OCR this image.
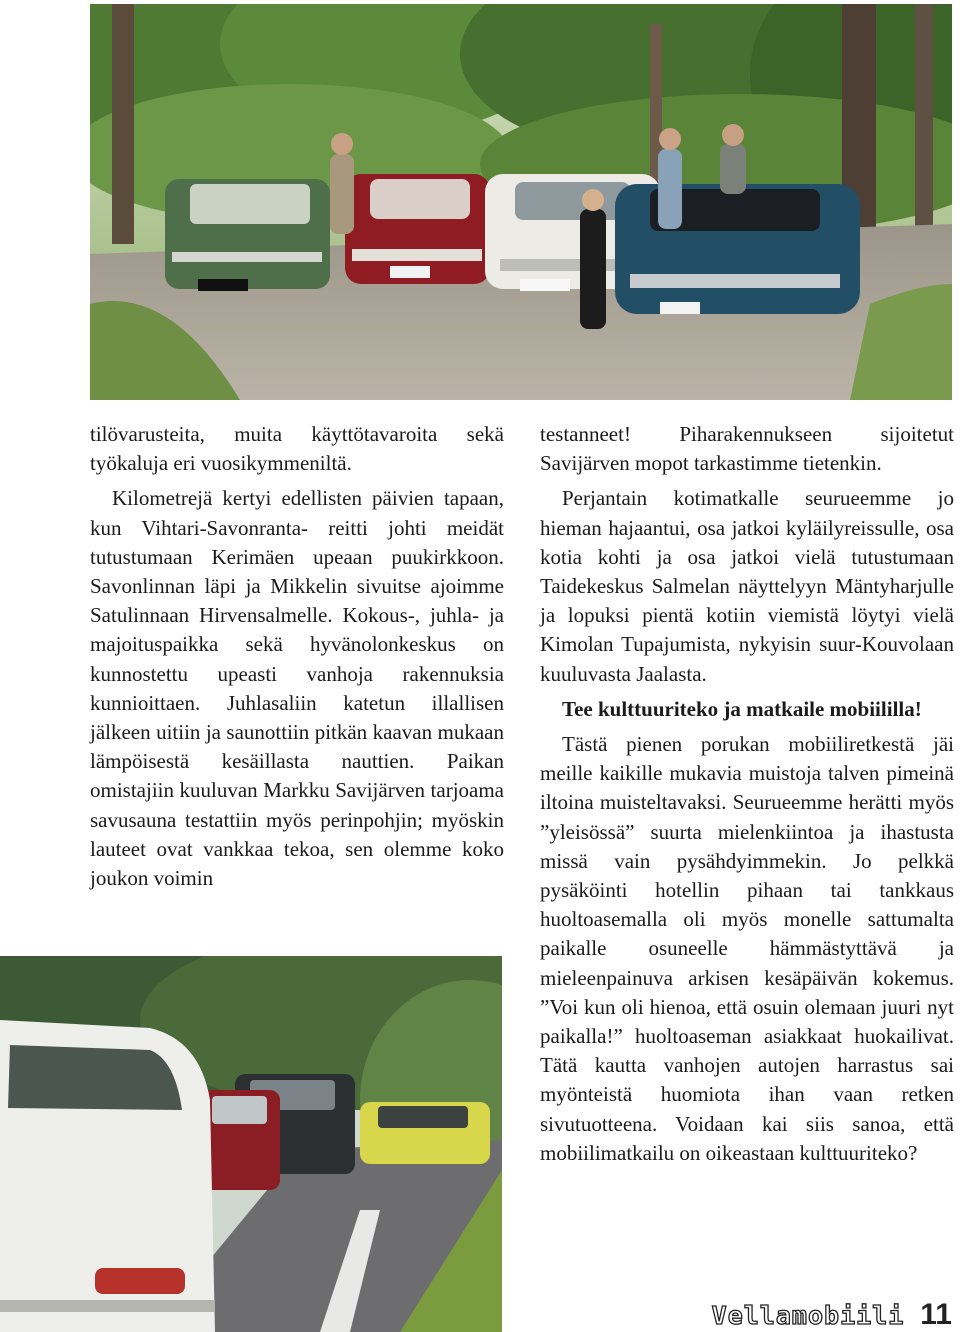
tilövarusteita, muita käyttötavaroita sekä työkaluja eri vuosikymmeniltä.

Kilometrejä kertyi edellisten päivien tapaan, kun Vihtari-Savonranta- reitti johti meidät tutustumaan Kerimäen upeaan puukirkkoon. Savonlinnan läpi ja Mikkelin sivuitse ajoimme Satulinnaan Hirvensalmelle. Kokous-, juhla- ja majoituspaikka sekä hyvänolonkeskus on kunnostettu upeasti vanhoja rakennuksia kunnioittaen. Juhlasaliin katetun illallisen jälkeen uitiin ja saunottiin pitkän kaavan mukaan lämpöisestä kesäillasta nauttien. Paikan omistajiin kuuluvan Markku Savijärven tarjoama savusauna testattiin myös perinpohjin; myöskin lauteet ovat vankkaa tekoa, sen olemme koko joukon voimin

testanneet! Piharakennukseen sijoitetut Savijärven mopot tarkastimme tietenkin.

Perjantain kotimatkalle seurueemme jo hieman hajaantui, osa jatkoi kyläilyreissulle, osa kotia kohti ja osa jatkoi vielä tutustumaan Taidekeskus Salmelan näyttelyyn Mäntyharjulle ja lopuksi pientä kotiin viemistä löytyi vielä Kimolan Tupajumista, nykyisin suur-Kouvolaan kuuluvasta Jaalasta.

Tee kulttuuriteko ja matkaile mobiililla!

Tästä pienen porukan mobiiliretkestä jäi meille kaikille mukavia muistoja talven pimeinä iltoina muisteltavaksi. Seurueemme herätti myös ”yleisössä” suurta mielenkiintoa ja ihastusta missä vain pysähdyimmekin. Jo pelkkä pysäköinti hotellin pihaan tai tankkaus huoltoasemalla oli myös monelle sattumalta paikalle osuneelle hämmästyttävä ja mieleenpainuva arkisen kesäpäivän kokemus. ”Voi kun oli hienoa, että osuin olemaan juuri nyt paikalla!” huoltoaseman asiakkaat huokailivat. Tätä kautta vanhojen autojen harrastus sai myönteistä huomiota ihan vaan retken sivutuotteena. Voidaan kai siis sanoa, että mobiilimatkailu on oikeastaan kulttuuriteko?

Vellamobiili 11
